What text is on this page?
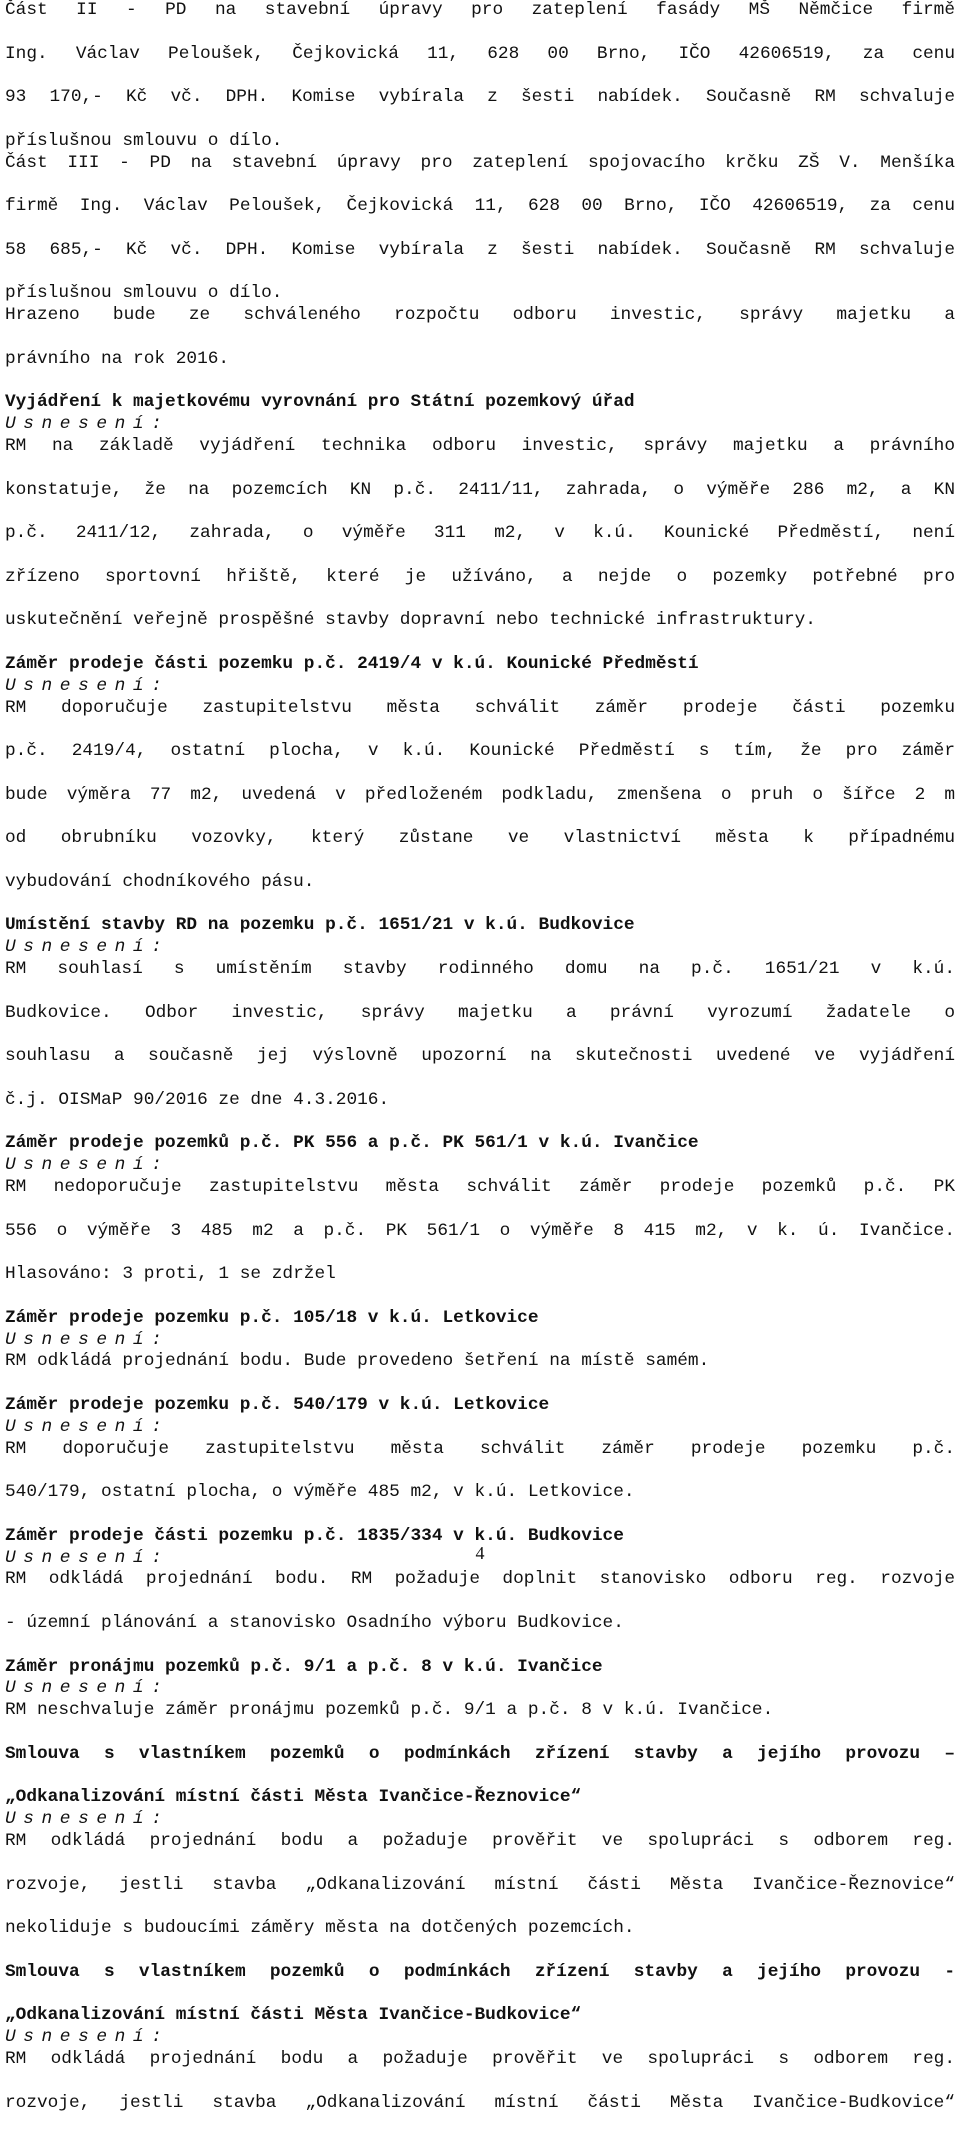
Část II - PD na stavební úpravy pro zateplení fasády MŠ Němčice firmě
Ing. Václav Peloušek, Čejkovická 11, 628 00 Brno, IČO 42606519, za cenu
93 170,- Kč vč. DPH. Komise vybírala z šesti nabídek. Současně RM schvaluje
příslušnou smlouvu o dílo.
Část III - PD na stavební úpravy pro zateplení spojovacího krčku ZŠ V. Menšíka
firmě Ing. Václav Peloušek, Čejkovická 11, 628 00 Brno, IČO 42606519, za cenu
58 685,- Kč vč. DPH. Komise vybírala z šesti nabídek. Současně RM schvaluje
příslušnou smlouvu o dílo.
Hrazeno bude ze schváleného rozpočtu odboru investic, správy majetku a
právního na rok 2016.
Vyjádření k majetkovému vyrovnání pro Státní pozemkový úřad
Usnesení:
RM na základě vyjádření technika odboru investic, správy majetku a právního
konstatuje, že na pozemcích KN p.č. 2411/11, zahrada, o výměře 286 m2, a KN
p.č. 2411/12, zahrada, o výměře 311 m2, v k.ú. Kounické Předměstí, není
zřízeno sportovní hřiště, které je užíváno, a nejde o pozemky potřebné pro
uskutečnění veřejně prospěšné stavby dopravní nebo technické infrastruktury.
Záměr prodeje části pozemku p.č. 2419/4 v k.ú. Kounické Předměstí
Usnesení:
RM doporučuje zastupitelstvu města schválit záměr prodeje části pozemku
p.č. 2419/4, ostatní plocha, v k.ú. Kounické Předměstí s tím, že pro záměr
bude výměra 77 m2, uvedená v předloženém podkladu, zmenšena o pruh o šířce 2 m
od obrubníku vozovky, který zůstane ve vlastnictví města k případnému
vybudování chodníkového pásu.
Umístění stavby RD na pozemku p.č. 1651/21 v k.ú. Budkovice
Usnesení:
RM souhlasí s umístěním stavby rodinného domu na p.č. 1651/21 v k.ú.
Budkovice. Odbor investic, správy majetku a právní vyrozumí žadatele o
souhlasu a současně jej výslovně upozorní na skutečnosti uvedené ve vyjádření
č.j. OISMaP 90/2016 ze dne 4.3.2016.
Záměr prodeje pozemků p.č. PK 556 a p.č. PK 561/1 v k.ú. Ivančice
Usnesení:
RM nedoporučuje zastupitelstvu města schválit záměr prodeje pozemků p.č. PK
556 o výměře 3 485 m2 a p.č. PK 561/1 o výměře 8 415 m2, v k. ú. Ivančice.
Hlasováno: 3 proti, 1 se zdržel
Záměr prodeje pozemku p.č. 105/18 v k.ú. Letkovice
Usnesení:
RM odkládá projednání bodu. Bude provedeno šetření na místě samém.
Záměr prodeje pozemku p.č. 540/179 v k.ú. Letkovice
Usnesení:
RM doporučuje zastupitelstvu města schválit záměr prodeje pozemku p.č.
540/179, ostatní plocha, o výměře 485 m2, v k.ú. Letkovice.
Záměr prodeje části pozemku p.č. 1835/334 v k.ú. Budkovice
Usnesení:
RM odkládá projednání bodu. RM požaduje doplnit stanovisko odboru reg. rozvoje
- územní plánování a stanovisko Osadního výboru Budkovice.
Záměr pronájmu pozemků p.č. 9/1 a p.č. 8 v k.ú. Ivančice
Usnesení:
RM neschvaluje záměr pronájmu pozemků p.č. 9/1 a p.č. 8 v k.ú. Ivančice.
Smlouva s vlastníkem pozemků o podmínkách zřízení stavby a jejího provozu –
„Odkanalizování místní části Města Ivančice-Řeznovice“
Usnesení:
RM odkládá projednání bodu a požaduje prověřit ve spolupráci s odborem reg.
rozvoje, jestli stavba „Odkanalizování místní části Města Ivančice-Řeznovice“
nekoliduje s budoucími záměry města na dotčených pozemcích.
Smlouva s vlastníkem pozemků o podmínkách zřízení stavby a jejího provozu -
„Odkanalizování místní části Města Ivančice-Budkovice“
Usnesení:
RM odkládá projednání bodu a požaduje prověřit ve spolupráci s odborem reg.
rozvoje, jestli stavba „Odkanalizování místní části Města Ivančice-Budkovice“
4
